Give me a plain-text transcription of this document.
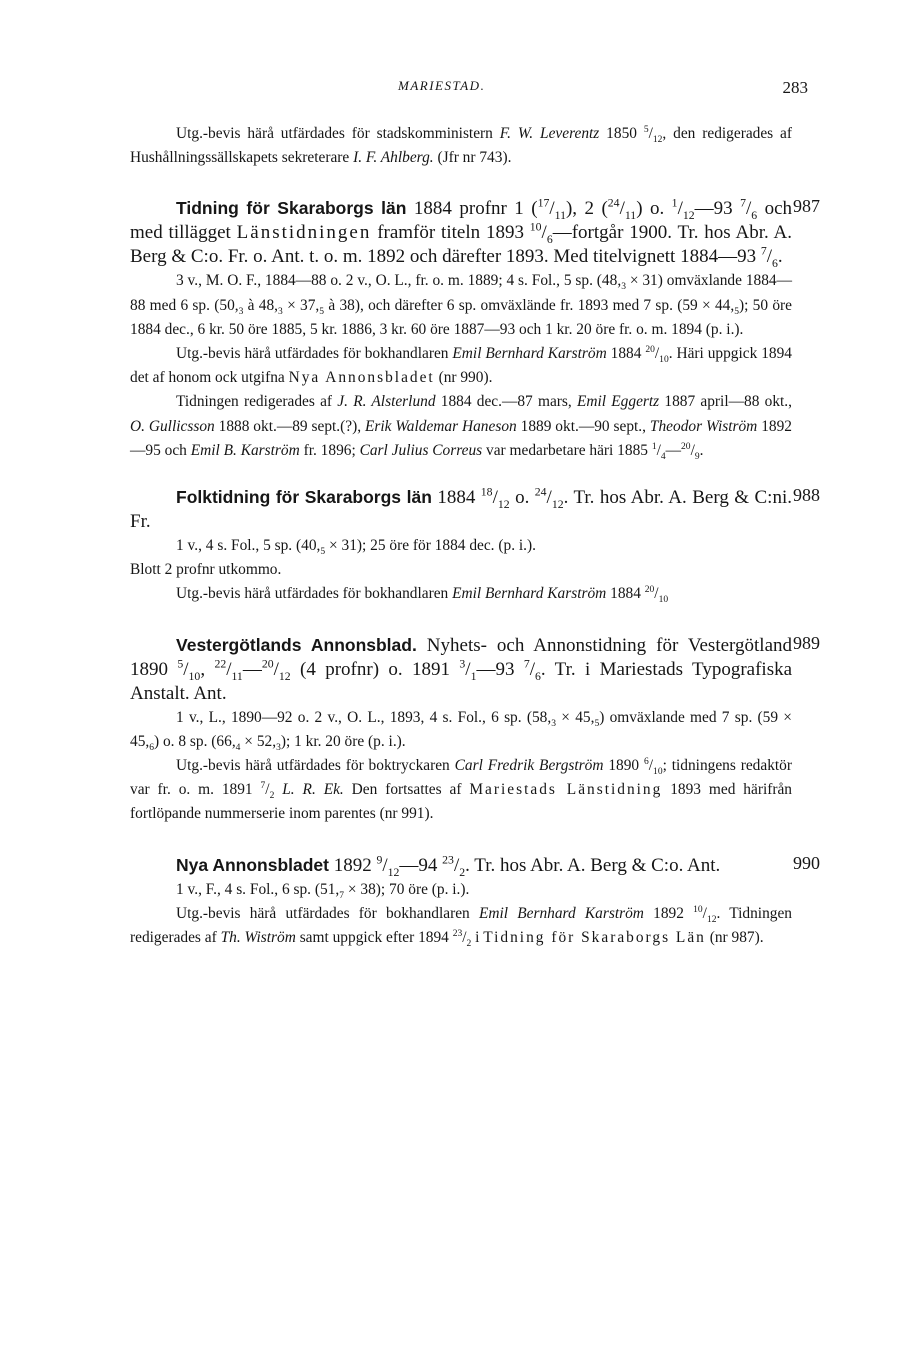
MARIESTAD.	283

Utg.-bevis härå utfärdades för stadskomministern F. W. Leverentz 1850 $^5/_{12}$, den redigerades af Hushållningssällskapets sekreterare I. F. Ahlberg. (Jfr nr 743).

987

Tidning för Skaraborgs län 1884 profnr 1 $(^{17}/_{11})$, 2 $(^{24}/_{11})$ o. $^1/_{12}—93$ $^7/_6$ och med tillägget Länstidningen framför titeln 1893 $^{10}/_6—fortgår$ 1900. Tr. hos Abr. A. Berg & C:o. Fr. o. Ant. t. o. m. 1892 och därefter 1893. Med titelvignett 1884—93 $^7/_6$.

3 v., M. O. F., 1884—88 o. 2 v., O. L., fr. o. m. 1889; 4 s. Fol., 5 sp. $(48,_3 \times 31)$ omväxlande 1884—88 med 6 sp. ($50,_3$ à $48,_3 \times 37,_5$ à 38), och därefter 6 sp. omväxlände fr. 1893 med 7 sp. $(59 \times 44,_5)$; 50 öre 1884 dec., 6 kr. 50 öre 1885, 5 kr. 1886, 3 kr. 60 öre 1887—93 och 1 kr. 20 öre fr. o. m. 1894 (p. i.).

Utg.-bevis härå utfärdades för bokhandlaren Emil Bernhard Karström 1884 $^{20}/_{10}$. Häri uppgick 1894 det af honom ock utgifna Nya Annonsbladet (nr 990).

Tidningen redigerades af J. R. Alsterlund 1884 dec.—87 mars, Emil Eggertz 1887 april—88 okt., O. Gullicsson 1888 okt.—89 sept.(?), Erik Waldemar Haneson 1889 okt.—90 sept., Theodor Wiström 1892—95 och Emil B. Karström fr. 1896; Carl Julius Correus var medarbetare häri 1885 $^1/_4—^{20}/_9$.

988

Folktidning för Skaraborgs län 1884 $^{18}/_{12}$ o. $^{24}/_{12}$. Tr. hos Abr. A. Berg & C:ni. Fr.

1 v., 4 s. Fol., 5 sp. $(40,_5 \times 31)$; 25 öre för 1884 dec. (p. i.).

Blott 2 profnr utkommo.

Utg.-bevis härå utfärdades för bokhandlaren Emil Bernhard Karström 1884 $^{20}/_{10}$

989

Vestergötlands Annonsblad. Nyhets- och Annonstidning för Vestergötland 1890 $^5/_{10}$, $^{22}/_{11}—^{20}/_{12}$ (4 profnr) o. 1891 $^3/_1—93$ $^7/_6$. Tr. i Mariestads Typografiska Anstalt. Ant.

1 v., L., 1890—92 o. 2 v., O. L., 1893, 4 s. Fol., 6 sp. $(58,_3 \times 45,_5)$ omväxlande med 7 sp. $(59 \times 45,_6)$ o. 8 sp. $(66,_4 \times 52,_3)$; 1 kr. 20 öre (p. i.).

Utg.-bevis härå utfärdades för boktryckaren Carl Fredrik Bergström 1890 $^6/_{10}$; tidningens redaktör var fr. o. m. 1891 $^7/_2$ L. R. Ek. Den fortsattes af Mariestads Länstidning 1893 med härifrån fortlöpande nummerserie inom parentes (nr 991).

990

Nya Annonsbladet 1892 $^9/_{12}—94$ $^{23}/_2$. Tr. hos Abr. A. Berg & C:o. Ant.

1 v., F., 4 s. Fol., 6 sp. $(51,_7 \times 38)$; 70 öre (p. i.).

Utg.-bevis härå utfärdades för bokhandlaren Emil Bernhard Karström 1892 $^{10}/_{12}$. Tidningen redigerades af Th. Wiström samt uppgick efter 1894 $^{23}/_2$ i Tidning för Skaraborgs Län (nr 987).
